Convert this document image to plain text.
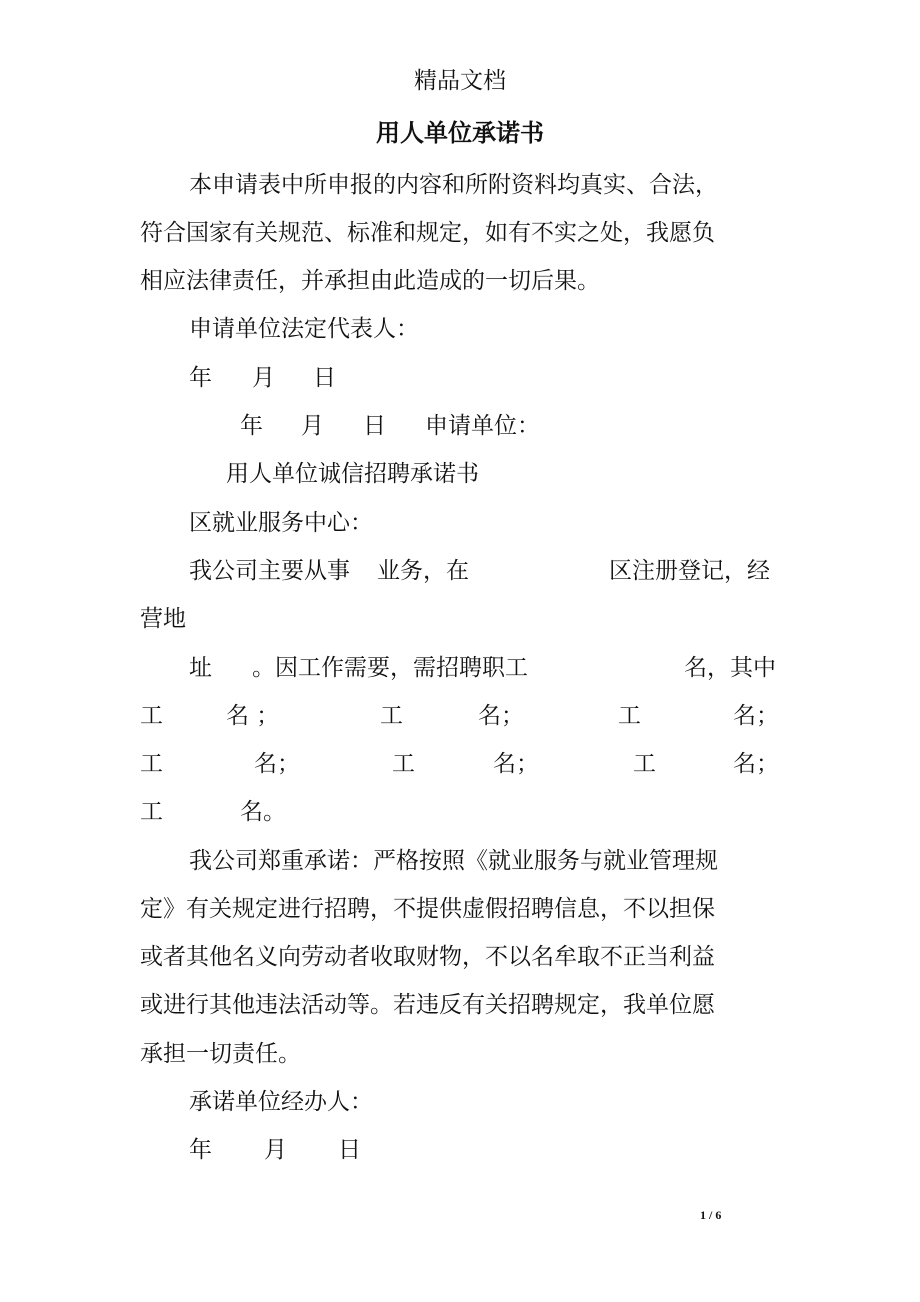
精品文档
用人单位承诺书
本申请表中所申报的内容和所附资料均真实、合法，
符合国家有关规范、标准和规定，如有不实之处，我愿负
相应法律责任，并承担由此造成的一切后果。
申请单位法定代表人：
年 月 日
年 月 日 申请单位：
用人单位诚信招聘承诺书
区就业服务中心：
我公司主要从事 业务，在	区注册登记，经
营地
址 。因工作需要，需招聘职工	名，其中
工	名 ；	工	名；	工	名；
工	名；	工	名；	工	名；
工	名。
我公司郑重承诺：严格按照《就业服务与就业管理规
定》有关规定进行招聘，不提供虚假招聘信息，不以担保
或者其他名义向劳动者收取财物，不以名牟取不正当利益
或进行其他违法活动等。若违反有关招聘规定，我单位愿
承担一切责任。
承诺单位经办人：
年 月 日
1 / 6
